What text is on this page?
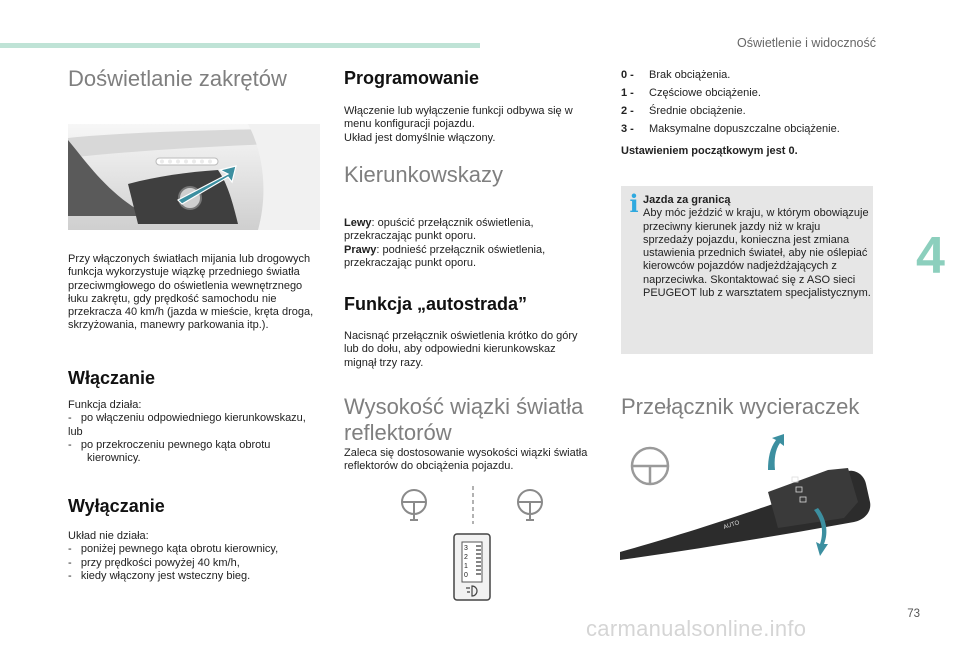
Oświetlenie i widoczność
4
Doświetlanie zakrętów
Przy włączonych światłach mijania lub drogowych funkcja wykorzystuje wiązkę przedniego światła przeciwmgłowego do oświetlenia wewnętrznego łuku zakrętu, gdy prędkość samochodu nie przekracza 40 km/h (jazda w mieście, kręta droga, skrzyżowania, manewry parkowania itp.).
Włączanie

Funkcja działa:

-   po włączeniu odpowiedniego kierunkowskazu,

lub

-   po przekroczeniu pewnego kąta obrotu kierownicy.

Wyłączanie

Układ nie działa:

-   poniżej pewnego kąta obrotu kierownicy,

-   przy prędkości powyżej 40 km/h,

-   kiedy włączony jest wsteczny bieg.

Programowanie

Włączenie lub wyłączenie funkcji odbywa się w menu konfiguracji pojazdu.

Układ jest domyślnie włączony.

Kierunkowskazy

Lewy: opuścić przełącznik oświetlenia, przekraczając punkt oporu.

Prawy: podnieść przełącznik oświetlenia, przekraczając punkt oporu.

Funkcja „autostrada”
Nacisnąć przełącznik oświetlenia krótko do góry lub do dołu, aby odpowiedni kierunkowskaz mignął trzy razy.
Wysokość wiązki światła
reflektorów
Zaleca się dostosowanie wysokości wiązki światła reflektorów do obciążenia pojazdu.
3
2
1
0
0 -	Brak obciążenia.
1 -	Częściowe obciążenie.
2 -	Średnie obciążenie.
3 -	Maksymalne dopuszczalne obciążenie.
Ustawieniem początkowym jest 0.
i Jazda za granicą

Aby móc jeździć w kraju, w którym obowiązuje przeciwny kierunek jazdy niż w kraju sprzedaży pojazdu, konieczna jest zmiana ustawienia przednich świateł, aby nie oślepiać kierowców pojazdów nadjeżdżających z naprzeciwka. Skontaktować się z ASO sieci PEUGEOT lub z warsztatem specjalistycznym.

Przełącznik wycieraczek
AUTO
73
carmanualsonline.info
